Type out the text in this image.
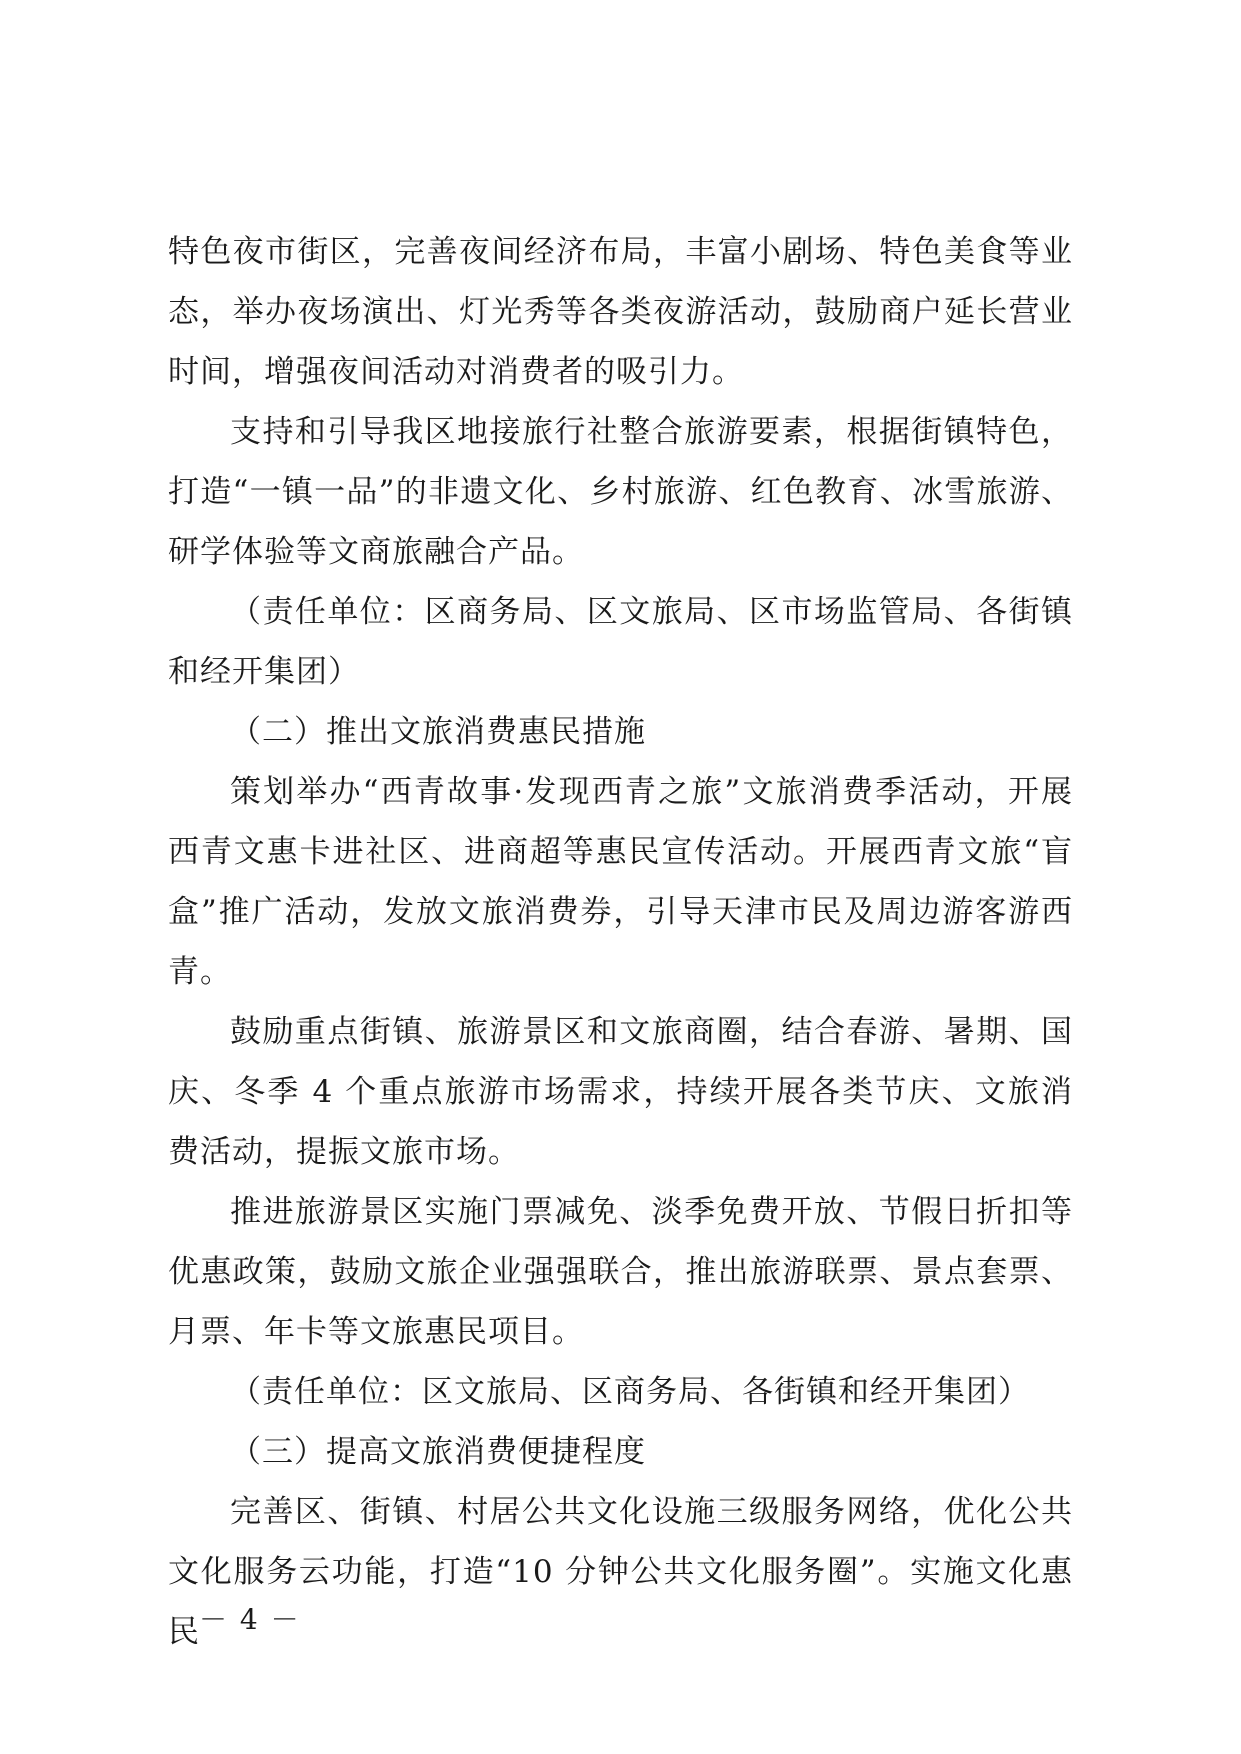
特色夜市街区，完善夜间经济布局，丰富小剧场、特色美食等业态，举办夜场演出、灯光秀等各类夜游活动，鼓励商户延长营业时间，增强夜间活动对消费者的吸引力。

支持和引导我区地接旅行社整合旅游要素，根据街镇特色，打造“一镇一品”的非遗文化、乡村旅游、红色教育、冰雪旅游、研学体验等文商旅融合产品。

（责任单位：区商务局、区文旅局、区市场监管局、各街镇和经开集团）

（二）推出文旅消费惠民措施

策划举办“西青故事·发现西青之旅”文旅消费季活动，开展西青文惠卡进社区、进商超等惠民宣传活动。开展西青文旅“盲盒”推广活动，发放文旅消费券，引导天津市民及周边游客游西青。

鼓励重点街镇、旅游景区和文旅商圈，结合春游、暑期、国庆、冬季 4 个重点旅游市场需求，持续开展各类节庆、文旅消费活动，提振文旅市场。

推进旅游景区实施门票减免、淡季免费开放、节假日折扣等优惠政策，鼓励文旅企业强强联合，推出旅游联票、景点套票、月票、年卡等文旅惠民项目。

（责任单位：区文旅局、区商务局、各街镇和经开集团）

（三）提高文旅消费便捷程度

完善区、街镇、村居公共文化设施三级服务网络，优化公共文化服务云功能，打造“10 分钟公共文化服务圈”。实施文化惠民 － 4 －
